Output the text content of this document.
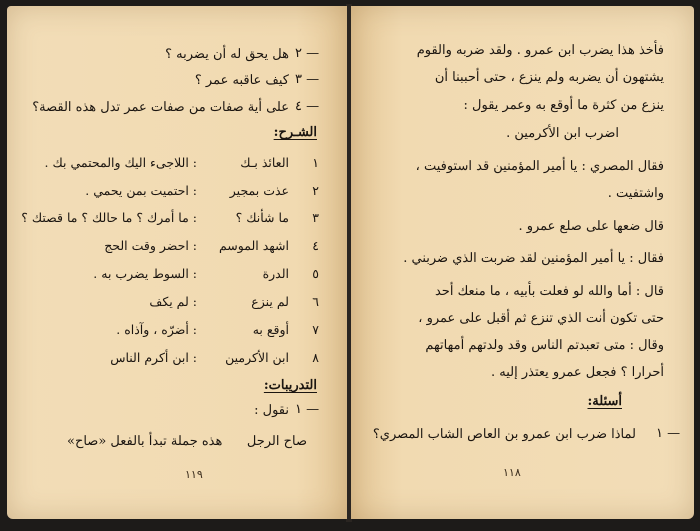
٢ —
هل يحق له أن يضربه ؟
٣ —
كيف عاقبه عمر ؟
٤ —
على أية صفات من صفات عمر تدل هذه القصة؟
الشـرح:
١
العائذ بـك
: اللاجىء اليك والمحتمي بك .
٢
عذت بمجير
: احتميت بمن يحمي .
٣
ما شأنك ؟
: ما أمرك ؟ ما حالك ؟ ما قصتك ؟
٤
اشهد الموسم
: احضر وقت الحج
٥
الدرة
: السوط يضرب به .
٦
لم ينزع
: لم يكف
٧
أوقع به
: أضرّه ، وآذاه .
٨
ابن الأكرمين
: ابن أكرم الناس
التدريبات:
١ —
نقول :
صاح الرجل
هذه جملة تبدأ بالفعل «صاح»
١١٩
فأخذ هذا يضرب ابن عمرو . ولقد ضربه والقوم
يشتهون أن يضربه ولم ينزع ، حتى أحببنا أن
ينزع من كثرة ما أوقع به وعمر يقول :
اضرب ابن الأكرمين .
فقال المصري : يا أمير المؤمنين قد استوفيت ،
واشتفيت .
قال ضعها على صلع عمرو .
فقال : يا أمير المؤمنين لقد ضربت الذي ضربني .
قال : أما والله لو فعلت بأبيه ، ما منعك أحد
حتى تكون أنت الذي تنزع ثم أقبل على عمرو ،
وقال : متى تعبدتم الناس وقد ولدتهم أمهاتهم
أحرارا ؟ فجعل عمرو يعتذر إليه .
أسئلة:
١ —
لماذا ضرب ابن عمرو بن العاص الشاب المصري؟
١١٨
